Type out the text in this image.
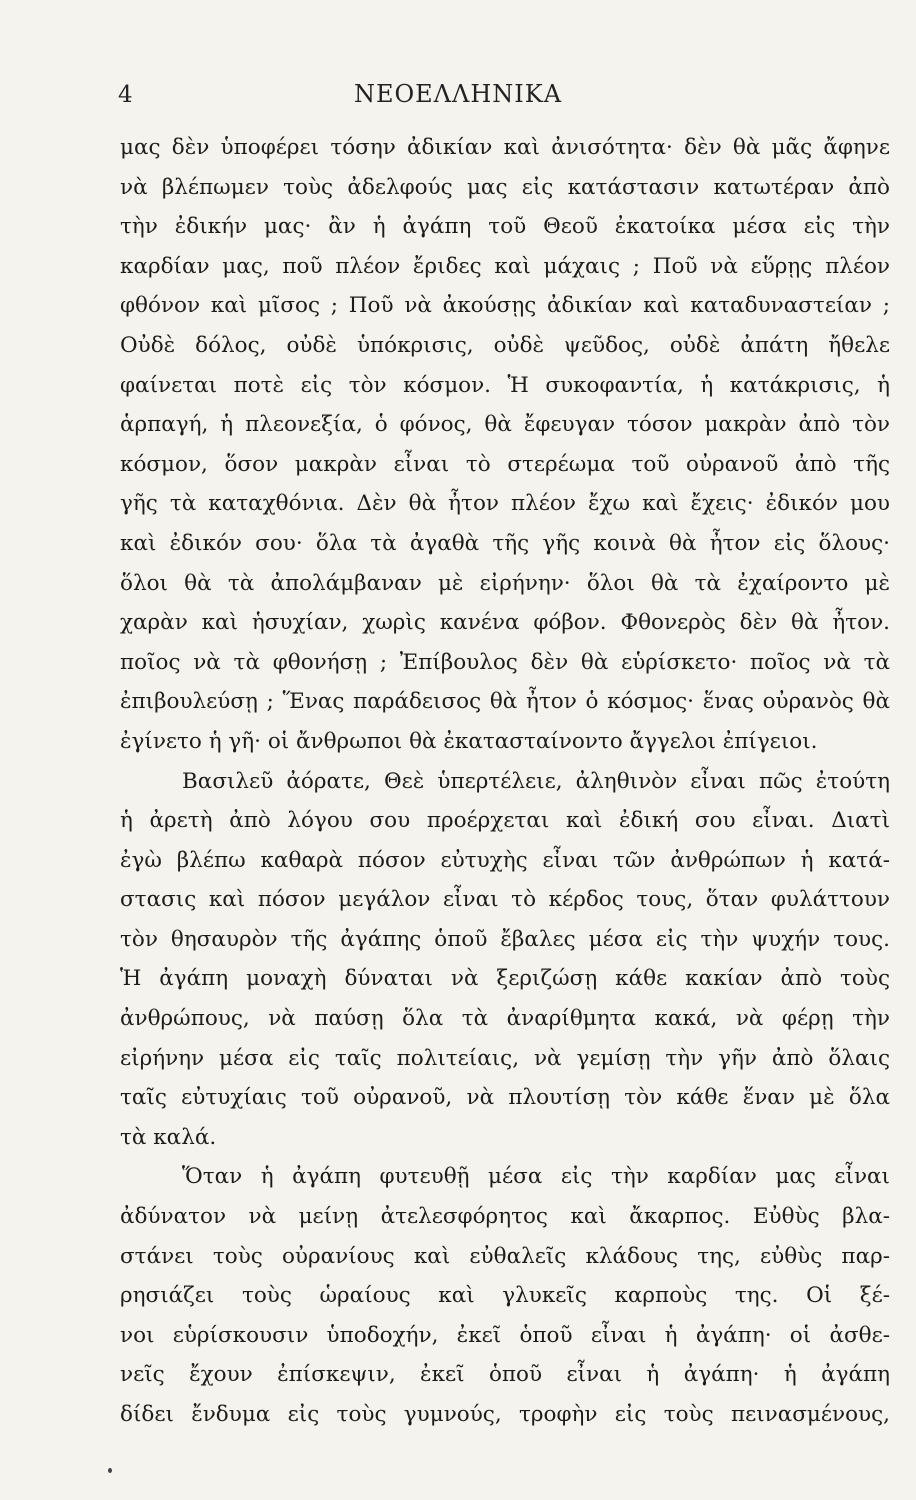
4	ΝΕΟΕΛΛΗΝΙΚΑ
μας δὲν ὑποφέρει τόσην ἀδικίαν καὶ ἀνισότητα· δὲν θὰ μᾶς ἄφηνε
νὰ βλέπωμεν τοὺς ἀδελφούς μας εἰς κατάστασιν κατωτέραν ἀπὸ
τὴν ἐδικήν μας· ἂν ἡ ἀγάπη τοῦ Θεοῦ ἐκατοίκα μέσα εἰς τὴν
καρδίαν μας, ποῦ πλέον ἔριδες καὶ μάχαις ; Ποῦ νὰ εὕρῃς πλέον
φθόνον καὶ μῖσος ; Ποῦ νὰ ἀκούσῃς ἀδικίαν καὶ καταδυναστείαν ;
Οὐδὲ δόλος, οὐδὲ ὑπόκρισις, οὐδὲ ψεῦδος, οὐδὲ ἀπάτη ἤθελε
φαίνεται ποτὲ εἰς τὸν κόσμον. Ἡ συκοφαντία, ἡ κατάκρισις, ἡ
ἁρπαγή, ἡ πλεονεξία, ὁ φόνος, θὰ ἔφευγαν τόσον μακρὰν ἀπὸ τὸν
κόσμον, ὅσον μακρὰν εἶναι τὸ στερέωμα τοῦ οὐρανοῦ ἀπὸ τῆς
γῆς τὰ καταχθόνια. Δὲν θὰ ἦτον πλέον ἔχω καὶ ἔχεις· ἐδικόν μου
καὶ ἐδικόν σου· ὅλα τὰ ἀγαθὰ τῆς γῆς κοινὰ θὰ ἦτον εἰς ὅλους·
ὅλοι θὰ τὰ ἀπολάμβαναν μὲ εἰρήνην· ὅλοι θὰ τὰ ἐχαίροντο μὲ
χαρὰν καὶ ἡσυχίαν, χωρὶς κανένα φόβον. Φθονερὸς δὲν θὰ ἦτον.
ποῖος νὰ τὰ φθονήσῃ ; Ἐπίβουλος δὲν θὰ εὑρίσκετο· ποῖος νὰ τὰ
ἐπιβουλεύσῃ ; Ἕνας παράδεισος θὰ ἦτον ὁ κόσμος· ἕνας οὐρανὸς θὰ
ἐγίνετο ἡ γῆ· οἱ ἄνθρωποι θὰ ἐκατασταίνοντο ἄγγελοι ἐπίγειοι.
Βασιλεῦ ἀόρατε, Θεὲ ὑπερτέλειε, ἀληθινὸν εἶναι πῶς ἐτούτη
ἡ ἀρετὴ ἀπὸ λόγου σου προέρχεται καὶ ἐδική σου εἶναι. Διατὶ
ἐγὼ βλέπω καθαρὰ πόσον εὐτυχὴς εἶναι τῶν ἀνθρώπων ἡ κατά-
στασις καὶ πόσον μεγάλον εἶναι τὸ κέρδος τους, ὅταν φυλάττουν
τὸν θησαυρὸν τῆς ἀγάπης ὁποῦ ἔβαλες μέσα εἰς τὴν ψυχήν τους.
Ἡ ἀγάπη μοναχὴ δύναται νὰ ξεριζώσῃ κάθε κακίαν ἀπὸ τοὺς
ἀνθρώπους, νὰ παύσῃ ὅλα τὰ ἀναρίθμητα κακά, νὰ φέρῃ τὴν
εἰρήνην μέσα εἰς ταῖς πολιτείαις, νὰ γεμίσῃ τὴν γῆν ἀπὸ ὅλαις
ταῖς εὐτυχίαις τοῦ οὐρανοῦ, νὰ πλουτίσῃ τὸν κάθε ἕναν μὲ ὅλα
τὰ καλά.
Ὅταν ἡ ἀγάπη φυτευθῇ μέσα εἰς τὴν καρδίαν μας εἶναι
ἀδύνατον νὰ μείνῃ ἀτελεσφόρητος καὶ ἄκαρπος. Εὐθὺς βλα-
στάνει τοὺς οὐρανίους καὶ εὐθαλεῖς κλάδους της, εὐθὺς παρ-
ρησιάζει τοὺς ὡραίους καὶ γλυκεῖς καρποὺς της. Οἱ ξέ-
νοι εὑρίσκουσιν ὑποδοχήν, ἐκεῖ ὁποῦ εἶναι ἡ ἀγάπη· οἱ ἀσθε-
νεῖς ἔχουν ἐπίσκεψιν, ἐκεῖ ὁποῦ εἶναι ἡ ἀγάπη· ἡ ἀγάπη
δίδει ἔνδυμα εἰς τοὺς γυμνούς, τροφὴν εἰς τοὺς πεινασμένους,
